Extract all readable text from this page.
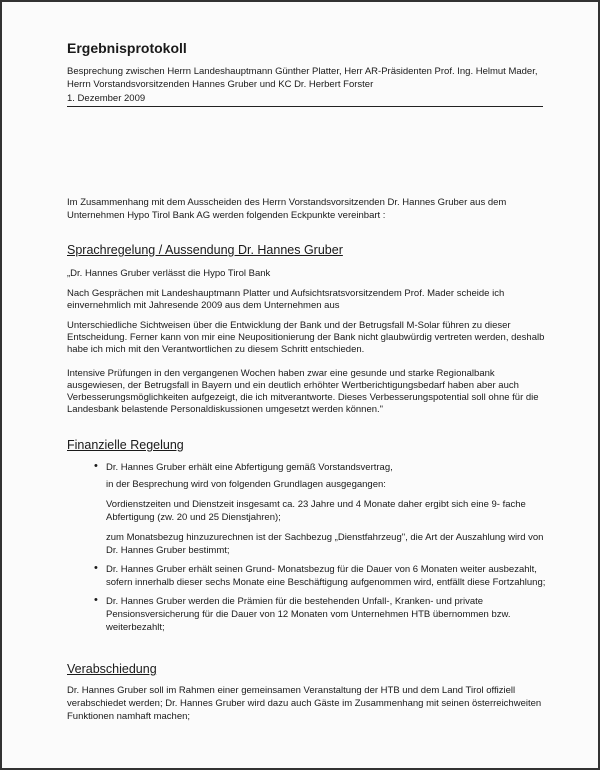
Ergebnisprotokoll
Besprechung zwischen Herrn Landeshauptmann Günther Platter, Herr AR-Präsidenten Prof. Ing. Helmut Mader,
Herrn Vorstandsvorsitzenden Hannes Gruber und KC Dr. Herbert Forster
1. Dezember 2009
Im Zusammenhang mit dem Ausscheiden des Herrn Vorstandsvorsitzenden Dr. Hannes Gruber aus dem
Unternehmen Hypo Tirol Bank AG werden folgenden Eckpunkte vereinbart :
Sprachregelung / Aussendung Dr. Hannes Gruber
„Dr. Hannes Gruber verlässt die Hypo Tirol Bank
Nach Gesprächen mit Landeshauptmann Platter und Aufsichtsratsvorsitzendem Prof. Mader scheide ich
einvernehmlich mit Jahresende 2009 aus dem Unternehmen aus
Unterschiedliche Sichtweisen über die Entwicklung der Bank und der Betrugsfall M-Solar führen zu dieser
Entscheidung. Ferner kann von mir eine Neupositionierung der Bank nicht glaubwürdig vertreten werden, deshalb
habe ich mich mit den Verantwortlichen zu diesem Schritt entschieden.
Intensive Prüfungen in den vergangenen Wochen haben zwar eine gesunde und starke Regionalbank
ausgewiesen, der Betrugsfall in Bayern und ein deutlich erhöhter Wertberichtigungsbedarf haben aber auch
Verbesserungsmöglichkeiten aufgezeigt, die ich mitverantworte. Dieses Verbesserungspotential soll ohne für die
Landesbank belastende Personaldiskussionen umgesetzt werden können."
Finanzielle Regelung
• Dr. Hannes Gruber erhält eine Abfertigung gemäß Vorstandsvertrag,
in der Besprechung wird von folgenden Grundlagen ausgegangen:
Vordienstzeiten und Dienstzeit insgesamt ca. 23 Jahre und 4 Monate daher ergibt sich eine 9- fache
Abfertigung (zw. 20 und 25 Dienstjahren);
zum Monatsbezug hinzuzurechnen ist der Sachbezug „Dienstfahrzeug", die Art der Auszahlung wird von
Dr. Hannes Gruber bestimmt;
• Dr. Hannes Gruber erhält seinen Grund- Monatsbezug für die Dauer von 6 Monaten weiter ausbezahlt,
sofern innerhalb dieser sechs Monate eine Beschäftigung aufgenommen wird, entfällt diese Fortzahlung;
• Dr. Hannes Gruber werden die Prämien für die bestehenden Unfall-, Kranken- und private
Pensionsversicherung für die Dauer von 12 Monaten vom Unternehmen HTB übernommen bzw.
weiterbezahlt;
Verabschiedung
Dr. Hannes Gruber soll im Rahmen einer gemeinsamen Veranstaltung der HTB und dem Land Tirol offiziell
verabschiedet werden; Dr. Hannes Gruber wird dazu auch Gäste im Zusammenhang mit seinen österreichweiten
Funktionen namhaft machen;
